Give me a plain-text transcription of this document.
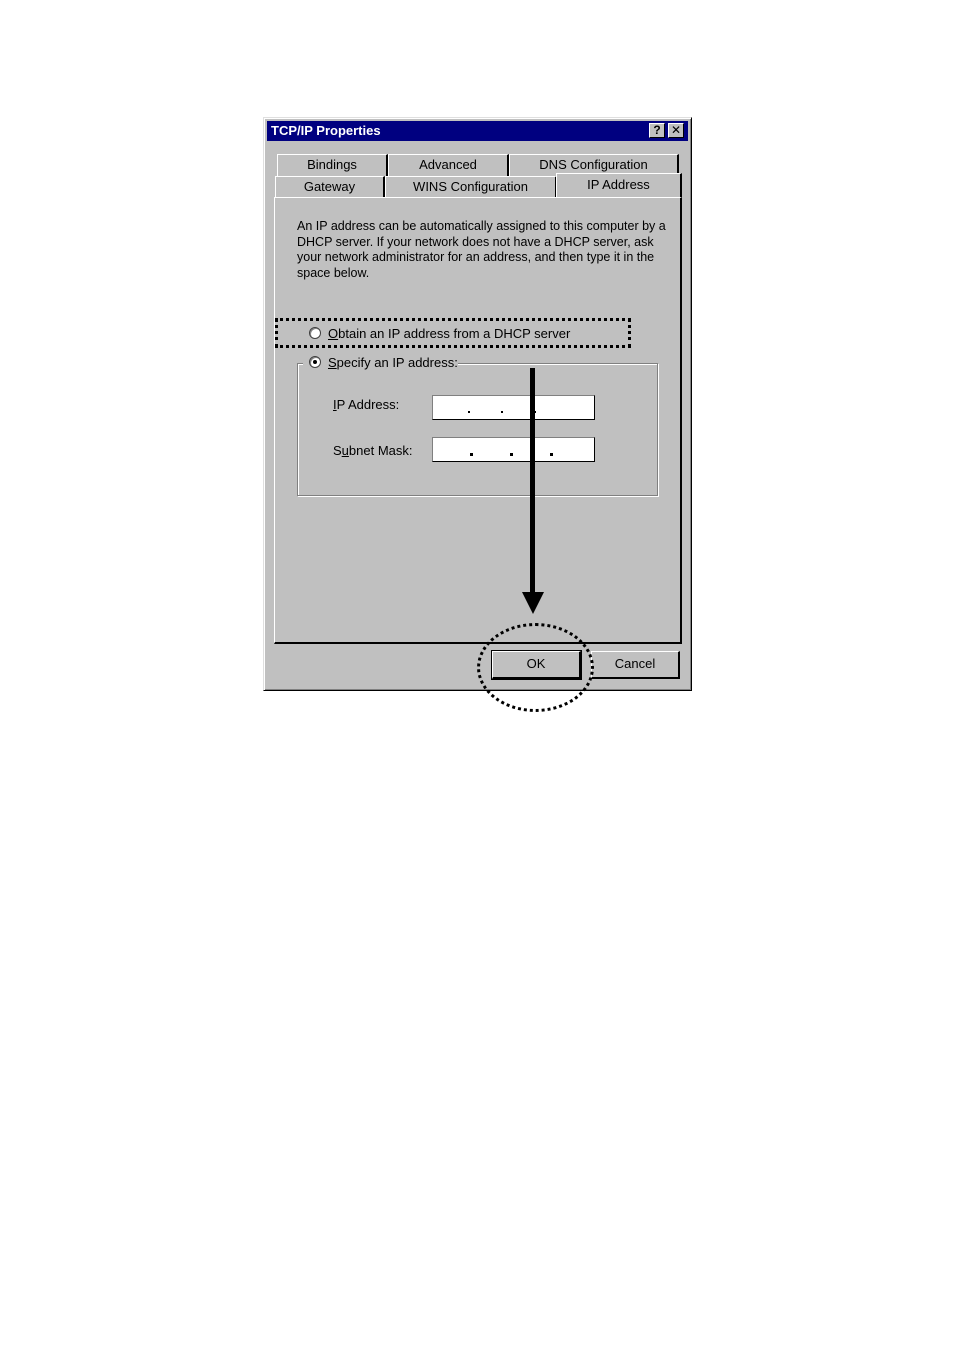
TCP/IP Properties	? ✕
Bindings	Advanced	DNS Configuration
Gateway	WINS Configuration	IP Address
An IP address can be automatically assigned to this computer by a DHCP server. If your network does not have a DHCP server, ask your network administrator for an address, and then type it in the space below.
Obtain an IP address from a DHCP server
Specify an IP address:
IP Address:
Subnet Mask:
OK	Cancel
